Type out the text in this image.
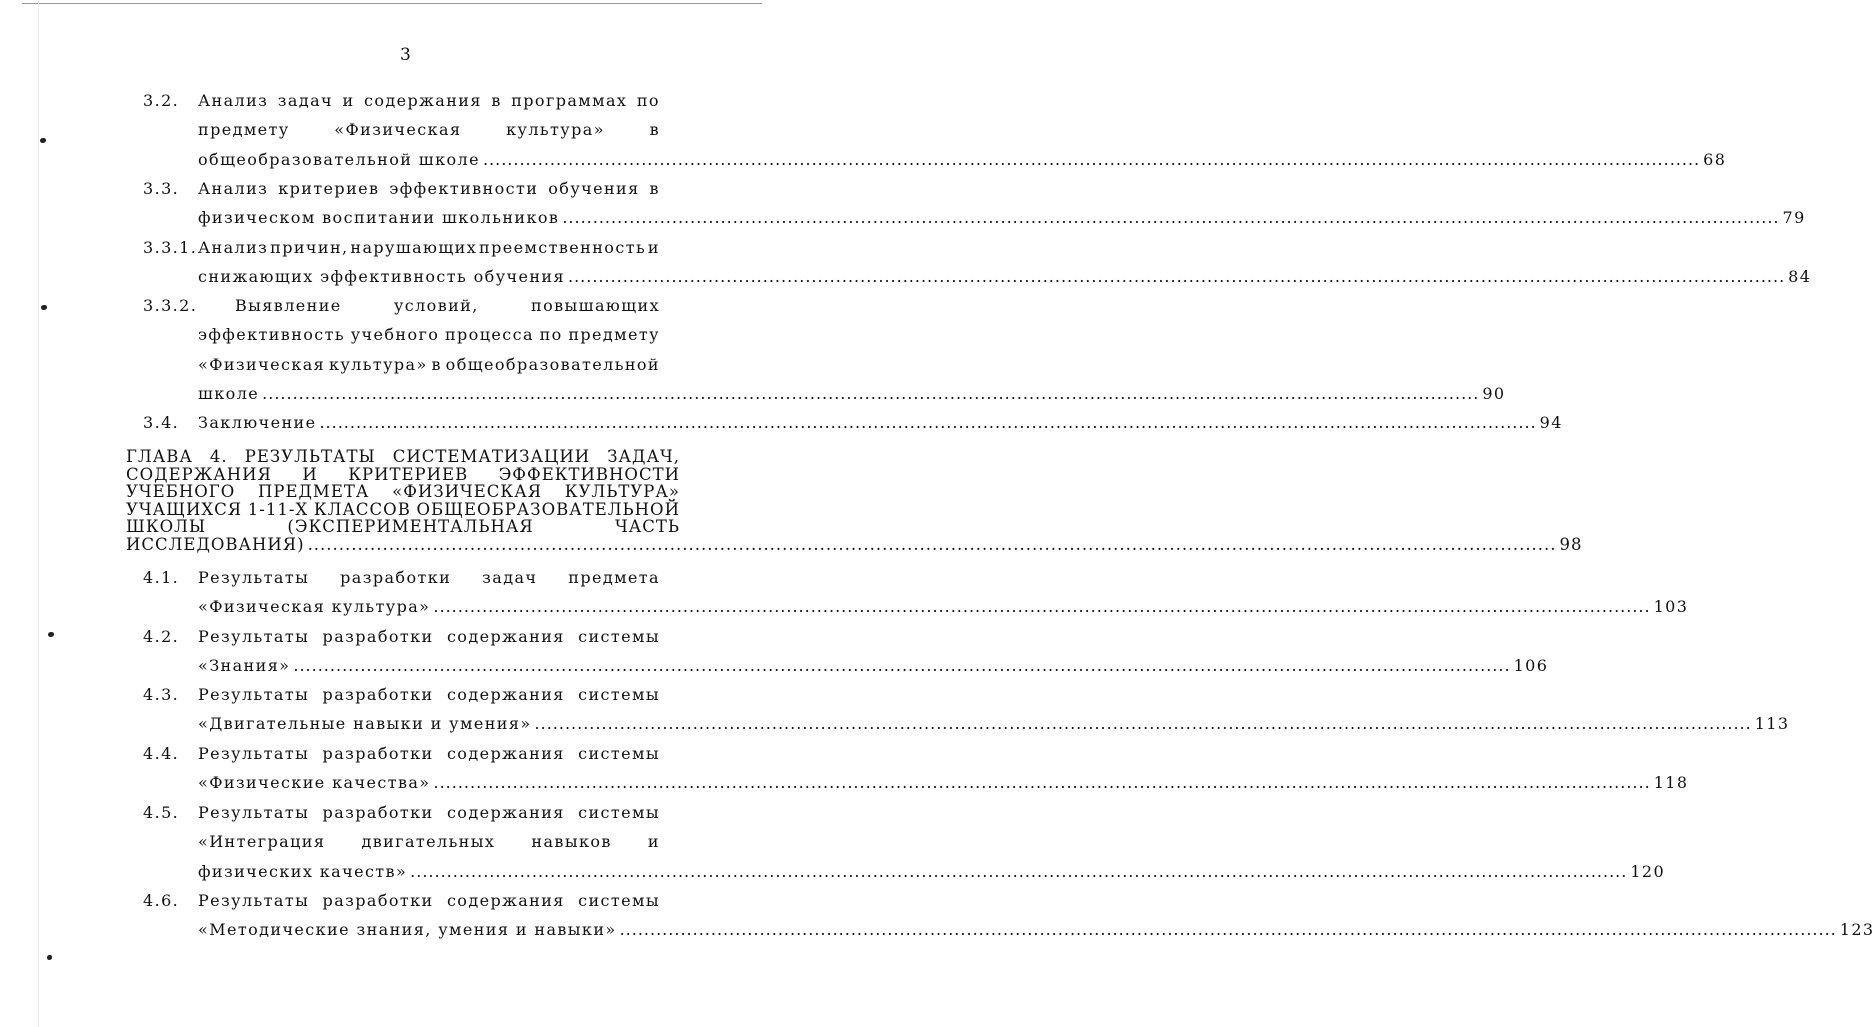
3
3.2. Анализ задач и содержания в программах по
предмету	«Физическая	культура»	в
общеобразовательной школе ........................................................................................................................................................................................................ 68
3.3. Анализ критериев эффективности обучения в
физическом воспитании школьников ........................................................................................................................................................................................................ 79
3.3.1. Анализ причин, нарушающих преемственность и
снижающих эффективность обучения ........................................................................................................................................................................................................ 84
3.3.2. Выявление	условий,	повышающих
эффективность учебного процесса по предмету
«Физическая культура» в общеобразовательной
школе ........................................................................................................................................................................................................ 90
3.4. Заключение ........................................................................................................................................................................................................ 94
ГЛАВА 4. РЕЗУЛЬТАТЫ СИСТЕМАТИЗАЦИИ ЗАДАЧ,
СОДЕРЖАНИЯ И КРИТЕРИЕВ ЭФФЕКТИВНОСТИ
УЧЕБНОГО ПРЕДМЕТА «ФИЗИЧЕСКАЯ КУЛЬТУРА»
УЧАЩИХСЯ 1-11-Х КЛАССОВ ОБЩЕОБРАЗОВАТЕЛЬНОЙ
ШКОЛЫ	(ЭКСПЕРИМЕНТАЛЬНАЯ	ЧАСТЬ
ИССЛЕДОВАНИЯ) ........................................................................................................................................................................................................ 98
4.1. Результаты разработки задач предмета
«Физическая культура» ........................................................................................................................................................................................................ 103
4.2. Результаты разработки содержания системы
«Знания» ........................................................................................................................................................................................................ 106
4.3. Результаты разработки содержания системы
«Двигательные навыки и умения» ........................................................................................................................................................................................................ 113
4.4. Результаты разработки содержания системы
«Физические качества» ........................................................................................................................................................................................................ 118
4.5. Результаты разработки содержания системы
«Интеграция двигательных навыков и
физических качеств» ........................................................................................................................................................................................................ 120
4.6. Результаты разработки содержания системы
«Методические знания, умения и навыки» ........................................................................................................................................................................................................ 123
